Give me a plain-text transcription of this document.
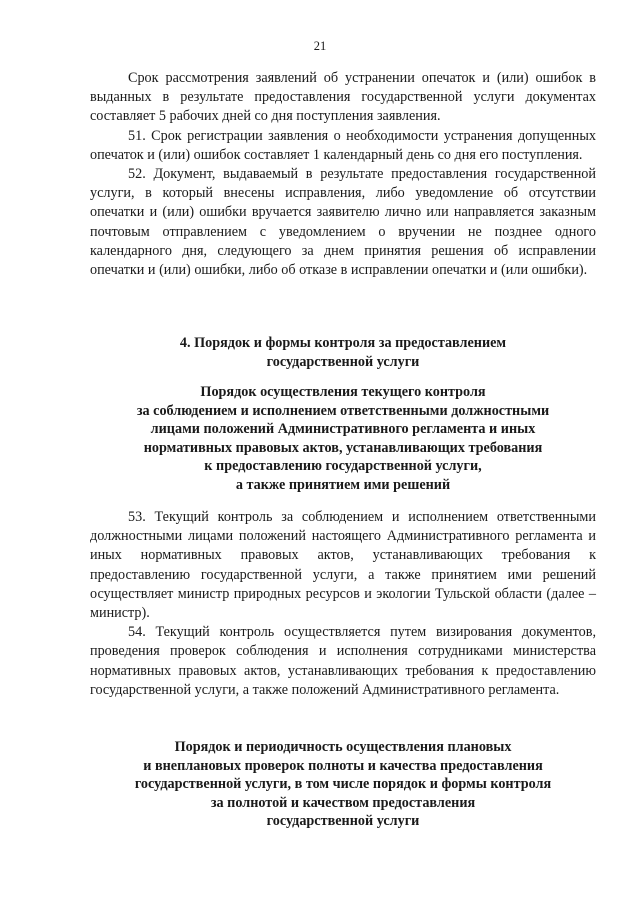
21

Срок рассмотрения заявлений об устранении опечаток и (или) ошибок в выданных в результате предоставления государственной услуги документах составляет 5 рабочих дней со дня поступления заявления.

51. Срок регистрации заявления о необходимости устранения допущенных опечаток и (или) ошибок составляет 1 календарный день со дня его поступления.

52. Документ, выдаваемый в результате предоставления государственной услуги, в который внесены исправления, либо уведомление об отсутствии опечатки и (или) ошибки вручается заявителю лично или направляется заказным почтовым отправлением с уведомлением о вручении не позднее одного календарного дня, следующего за днем принятия решения об исправлении опечатки и (или) ошибки, либо об отказе в исправлении опечатки и (или ошибки).

4. Порядок и формы контроля за предоставлением
государственной услуги
Порядок осуществления текущего контроля
за соблюдением и исполнением ответственными должностными
лицами положений Административного регламента и иных
нормативных правовых актов, устанавливающих требования
к предоставлению государственной услуги,
а также принятием ими решений

53. Текущий контроль за соблюдением и исполнением ответственными должностными лицами положений настоящего Административного регламента и иных нормативных правовых актов, устанавливающих требования к предоставлению государственной услуги, а также принятием ими решений осуществляет министр природных ресурсов и экологии Тульской области (далее – министр).

54. Текущий контроль осуществляется путем визирования документов, проведения проверок соблюдения и исполнения сотрудниками министерства нормативных правовых актов, устанавливающих требования к предоставлению государственной услуги, а также положений Административного регламента.

Порядок и периодичность осуществления плановых
и внеплановых проверок полноты и качества предоставления
государственной услуги, в том числе порядок и формы контроля
за полнотой и качеством предоставления
государственной услуги
